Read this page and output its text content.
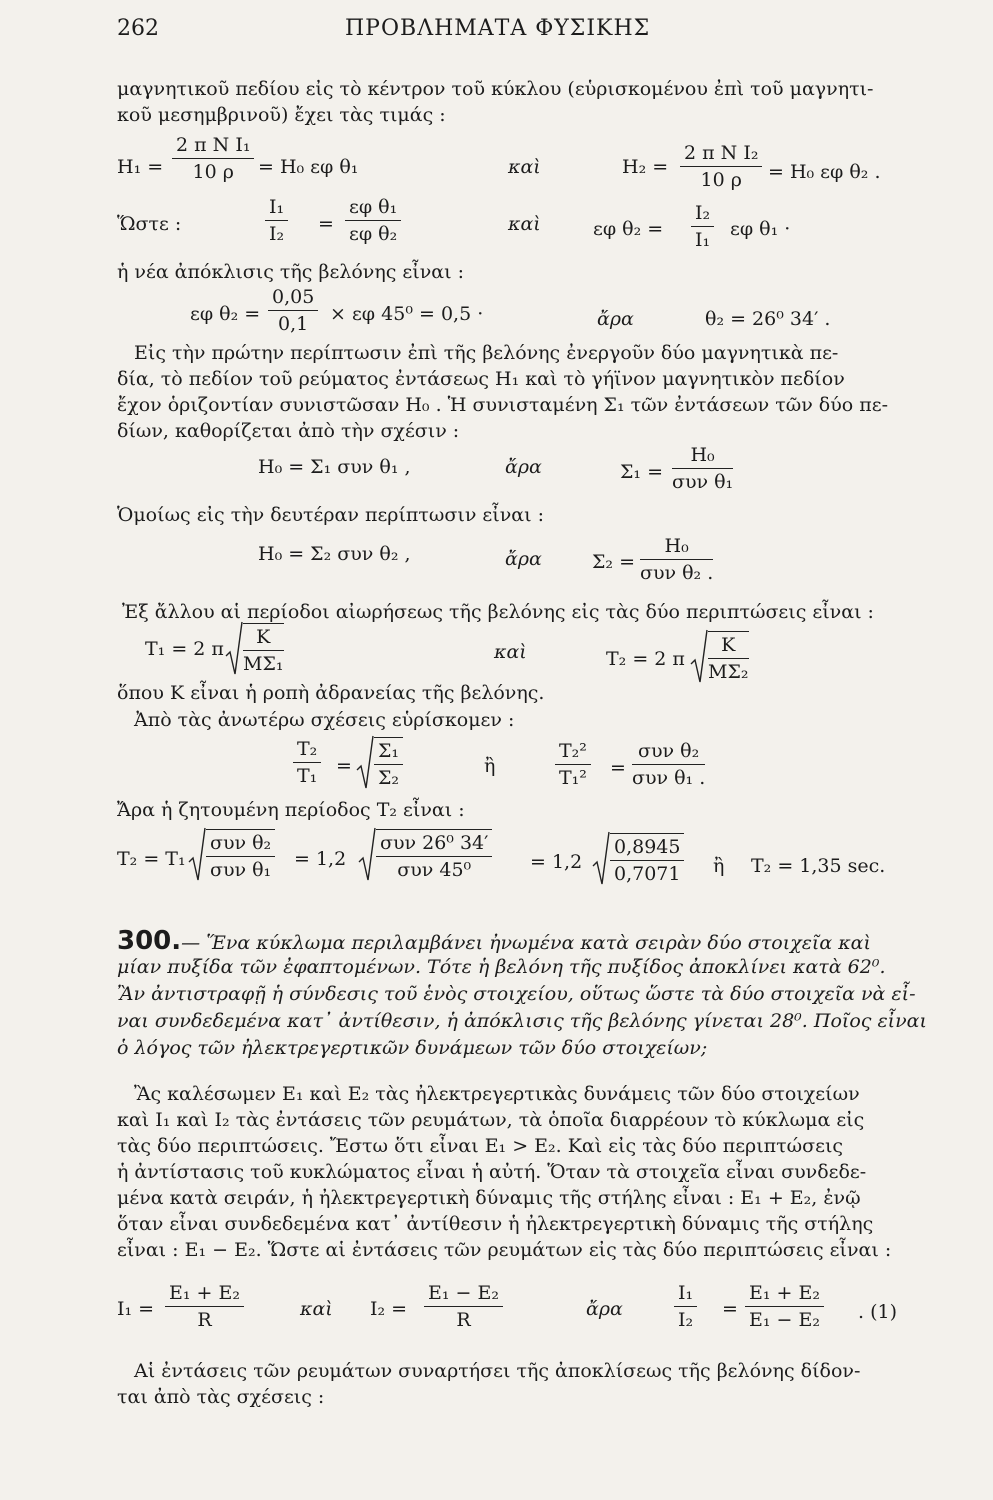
262	ΠΡΟΒΛΗΜΑΤΑ ΦΥΣΙΚΗΣ
μαγνητικοῦ πεδίου εἰς τὸ κέντρον τοῦ κύκλου (εὑρισκομένου ἐπὶ τοῦ μαγνητι-
κοῦ μεσημβρινοῦ) ἔχει τὰς τιμάς :
$H_1 = \frac{\text{2 π N I₁}}{10 \rho} = H_0$ εφ θ₁	καὶ	$H_2 = \frac{\text{2 π N I₂}}{10 \rho} = H_0$ εφ θ₂ .
Ὥστε :	$\frac{\text{I₁}}{\text{I₂}} = \frac{\text{εφ θ₁}}{\text{εφ θ₂}}$	καὶ	εφ $\theta_2 = \frac{\text{I₂}}{\text{I₁}}$ εφ θ₁ ·
ἡ νέα ἀπόκλισις τῆς βελόνης εἶναι :
εφ $\theta_2 = \frac{0,05}{0,1} \times \varepsilon\varphi$ 45⁰ = 0,5 ·	ἄρα	θ₂ = 26⁰ 34′ .
Εἰς τὴν πρώτην περίπτωσιν ἐπὶ τῆς βελόνης ἐνεργοῦν δύο μαγνητικὰ πε-
δία, τὸ πεδίον τοῦ ρεύματος ἐντάσεως H₁ καὶ τὸ γήϊνον μαγνητικὸν πεδίον
ἔχον ὁριζοντίαν συνιστῶσαν H₀ . Ἡ συνισταμένη Σ₁ τῶν ἐντάσεων τῶν δύο πε-
δίων, καθορίζεται ἀπὸ τὴν σχέσιν :
H₀ = Σ₁ συν θ₁ ,	ἄρα	Σ₁ =
H₀
συν θ₁
Ὁμοίως εἰς τὴν δευτέραν περίπτωσιν εἶναι :
H₀ = Σ₂ συν θ₂ ,	ἄρα	Σ₂ =
H₀
συν θ₂ .
Ἐξ ἄλλου αἱ περίοδοι αἰωρήσεως τῆς βελόνης εἰς τὰς δύο περιπτώσεις εἶναι :
T₁ = 2 π $\frac{K}{\text{MΣ₁}}$	καὶ	T₂ = 2 π $\frac{K}{\text{MΣ₂}}$
ὅπου K εἶναι ἡ ροπὴ ἀδρανείας τῆς βελόνης.
Ἀπὸ τὰς ἀνωτέρω σχέσεις εὑρίσκομεν :
$\frac{\text{T₂}}{\text{T₁}} = \frac{\text{Σ₁}}{\text{Σ₂}}$	ἢ	$\frac{\text{T₂²}}{\text{T₁²}}$ =
συν θ₂
συν θ₁ .
Ἄρα ἡ ζητουμένη περίοδος T₂ εἶναι :
$T_2 = T_1 \frac{\text{συν θ₂}}{\text{συν θ₁}} = 1,2 \frac{\text{συν 26⁰ 34′}}{\text{συν 45⁰}} = 1,2 \frac{0,8945}{0,7071}$ ἢ T₂ = 1,35 sec.
300.— Ἕνα κύκλωμα περιλαμβάνει ἠνωμένα κατὰ σειρὰν δύο στοιχεῖα καὶ
μίαν πυξίδα τῶν ἐφαπτομένων. Τότε ἡ βελόνη τῆς πυξίδος ἀποκλίνει κατὰ 62⁰.
Ἂν ἀντιστραφῇ ἡ σύνδεσις τοῦ ἑνὸς στοιχείου, οὕτως ὥστε τὰ δύο στοιχεῖα νὰ εἶ-
ναι συνδεδεμένα κατ᾿ ἀντίθεσιν, ἡ ἀπόκλισις τῆς βελόνης γίνεται 28⁰. Ποῖος εἶναι
ὁ λόγος τῶν ἠλεκτρεγερτικῶν δυνάμεων τῶν δύο στοιχείων;
Ἂς καλέσωμεν E₁ καὶ E₂ τὰς ἠλεκτρεγερτικὰς δυνάμεις τῶν δύο στοιχείων
καὶ I₁ καὶ I₂ τὰς ἐντάσεις τῶν ρευμάτων, τὰ ὁποῖα διαρρέουν τὸ κύκλωμα εἰς
τὰς δύο περιπτώσεις. Ἔστω ὅτι εἶναι E₁ > E₂. Καὶ εἰς τὰς δύο περιπτώσεις
ἡ ἀντίστασις τοῦ κυκλώματος εἶναι ἡ αὐτή. Ὅταν τὰ στοιχεῖα εἶναι συνδεδε-
μένα κατὰ σειράν, ἡ ἠλεκτρεγερτικὴ δύναμις τῆς στήλης εἶναι : E₁ + E₂, ἐνῷ
ὅταν εἶναι συνδεδεμένα κατ᾿ ἀντίθεσιν ἡ ἠλεκτρεγερτικὴ δύναμις τῆς στήλης
εἶναι : E₁ − E₂. Ὥστε αἱ ἐντάσεις τῶν ρευμάτων εἰς τὰς δύο περιπτώσεις εἶναι :
$I_1 = \frac{\text{E₁ + E₂}}{R}$	καὶ $I_2 = \frac{\text{E₁ − E₂}}{R}$	ἄρα	$\frac{\text{I₁}}{\text{I₂}} = \frac{\text{E₁ + E₂}}{\text{E₁ − E₂}}$ . (1)
Αἱ ἐντάσεις τῶν ρευμάτων συναρτήσει τῆς ἀποκλίσεως τῆς βελόνης δίδον-
ται ἀπὸ τὰς σχέσεις :
